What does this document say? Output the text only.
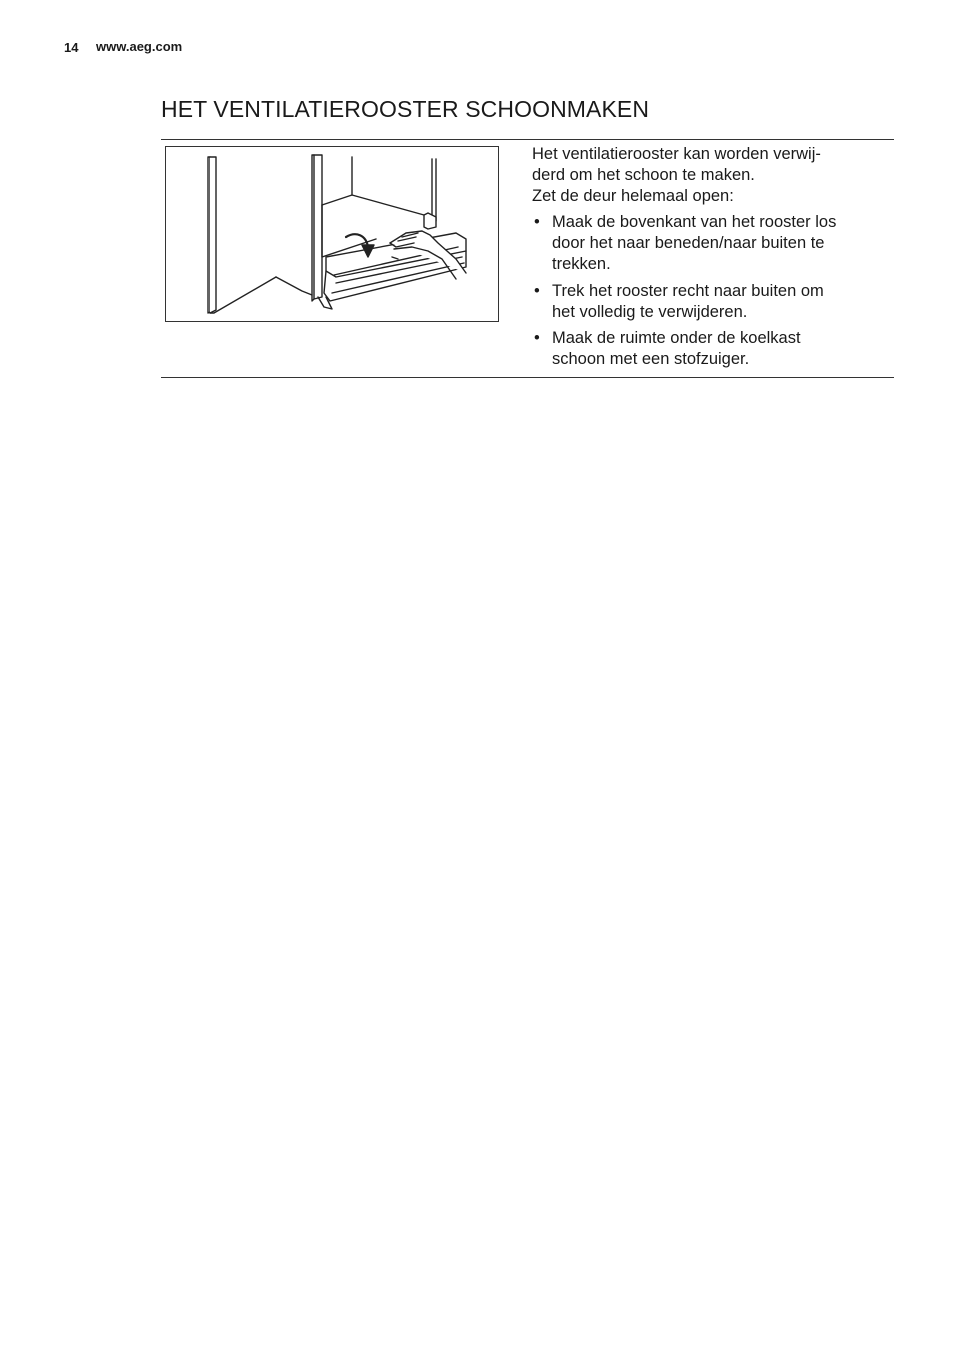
14 www.aeg.com
HET VENTILATIEROOSTER SCHOONMAKEN

Het ventilatierooster kan worden verwij-

derd om het schoon te maken.

Zet de deur helemaal open:

• Maak de bovenkant van het rooster los
door het naar beneden/naar buiten te
trekken.
• Trek het rooster recht naar buiten om
het volledig te verwijderen.
• Maak de ruimte onder de koelkast
schoon met een stofzuiger.
